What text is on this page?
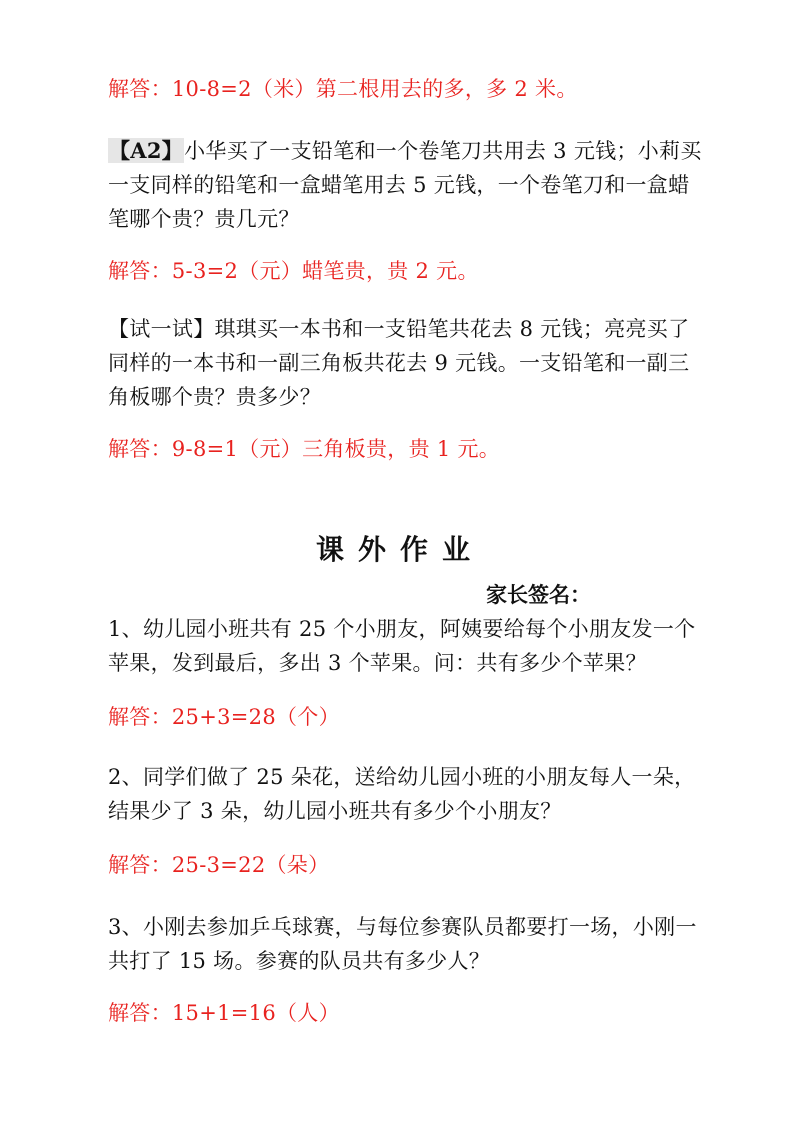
解答：10-8=2（米）第二根用去的多，多 2 米。
【A2】小华买了一支铅笔和一个卷笔刀共用去 3 元钱；小莉买一支同样的铅笔和一盒蜡笔用去 5 元钱，一个卷笔刀和一盒蜡笔哪个贵？贵几元？
解答：5-3=2（元）蜡笔贵，贵 2 元。
【试一试】琪琪买一本书和一支铅笔共花去 8 元钱；亮亮买了同样的一本书和一副三角板共花去 9 元钱。一支铅笔和一副三角板哪个贵？贵多少？
解答：9-8=1（元）三角板贵，贵 1 元。
课外作业
家长签名：
1、幼儿园小班共有 25 个小朋友，阿姨要给每个小朋友发一个苹果，发到最后，多出 3 个苹果。问：共有多少个苹果？
解答：25+3=28（个）
2、同学们做了 25 朵花，送给幼儿园小班的小朋友每人一朵，结果少了 3 朵，幼儿园小班共有多少个小朋友？
解答：25-3=22（朵）
3、小刚去参加乒乓球赛，与每位参赛队员都要打一场，小刚一共打了 15 场。参赛的队员共有多少人？
解答：15+1=16（人）
